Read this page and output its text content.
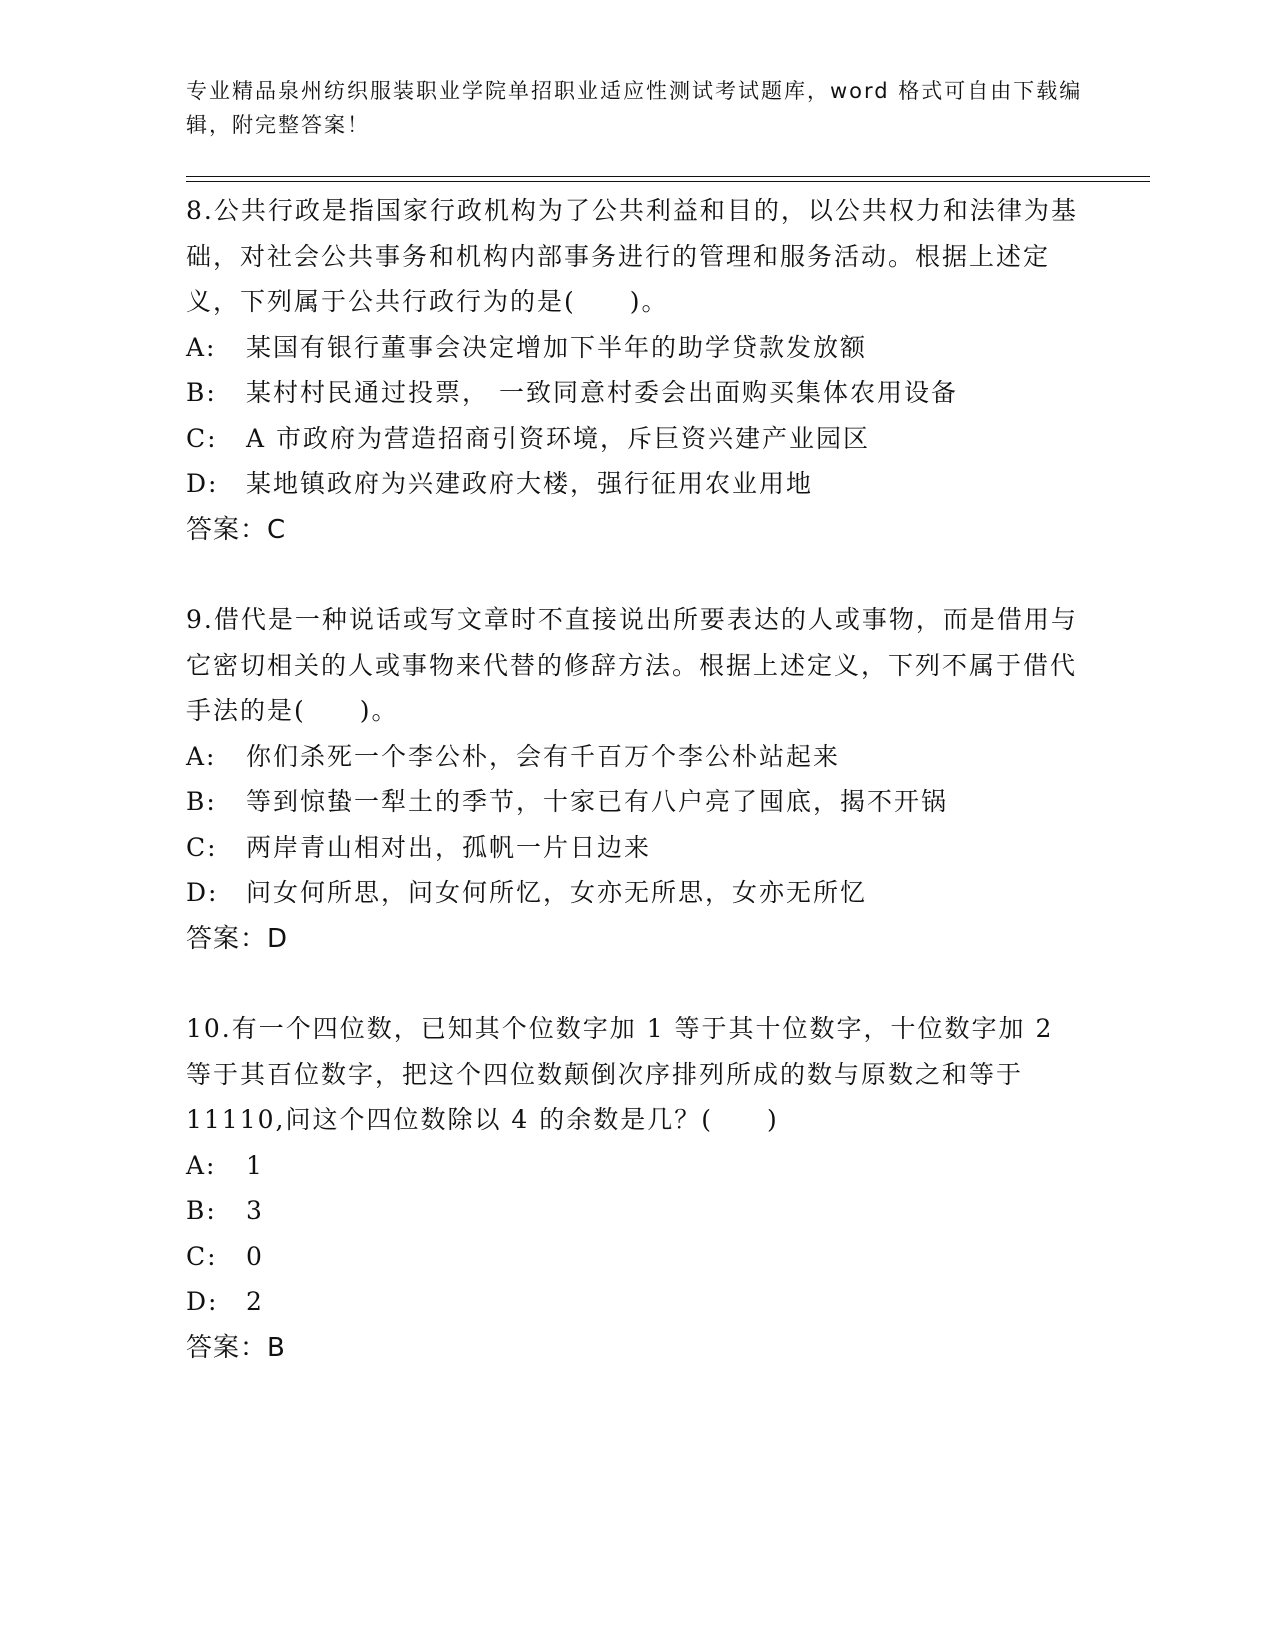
专业精品泉州纺织服装职业学院单招职业适应性测试考试题库，word 格式可自由下载编辑，附完整答案！

8.公共行政是指国家行政机构为了公共利益和目的，以公共权力和法律为基础，对社会公共事务和机构内部事务进行的管理和服务活动。根据上述定义，下列属于公共行政行为的是(　　)。

A:	某国有银行董事会决定增加下半年的助学贷款发放额
B:	某村村民通过投票， 一致同意村委会出面购买集体农用设备
C:	A 市政府为营造招商引资环境，斥巨资兴建产业园区
D:	某地镇政府为兴建政府大楼，强行征用农业用地
答案：C

9.借代是一种说话或写文章时不直接说出所要表达的人或事物，而是借用与它密切相关的人或事物来代替的修辞方法。根据上述定义，下列不属于借代手法的是(　　)。

A:	你们杀死一个李公朴，会有千百万个李公朴站起来
B:	等到惊蛰一犁土的季节，十家已有八户亮了囤底，揭不开锅
C:	两岸青山相对出，孤帆一片日边来
D:	问女何所思，问女何所忆，女亦无所思，女亦无所忆
答案：D

10.有一个四位数，已知其个位数字加 1 等于其十位数字，十位数字加 2 等于其百位数字，把这个四位数颠倒次序排列所成的数与原数之和等于 11110,问这个四位数除以 4 的余数是几？(　　)

A:	1
B:	3
C:	0
D:	2
答案：B
